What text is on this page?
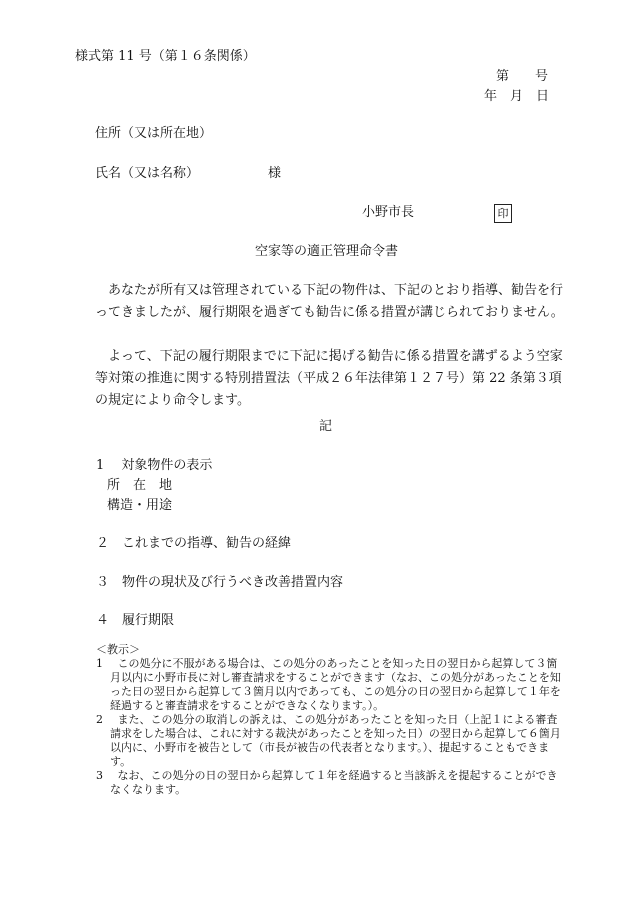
様式第 11 号（第１６条関係）
第　　号
年　月　日
住所（又は所在地）
氏名（又は名称）	様
小野市長	印
空家等の適正管理命令書
　あなたが所有又は管理されている下記の物件は、下記のとおり指導、勧告を行ってきましたが、履行期限を過ぎても勧告に係る措置が講じられておりません。
　よって、下記の履行期限までに下記に掲げる勧告に係る措置を講ずるよう空家等対策の推進に関する特別措置法（平成２６年法律第１２７号）第 22 条第３項の規定により命令します。
記
1　 対象物件の表示
所　在　地
構造・用途
２　これまでの指導、勧告の経緯
３　物件の現状及び行うべき改善措置内容
４　履行期限
＜教示＞
1　 この処分に不服がある場合は、この処分のあったことを知った日の翌日から起算して３箇月以内に小野市長に対し審査請求をすることができます（なお、この処分があったことを知った日の翌日から起算して３箇月以内であっても、この処分の日の翌日から起算して１年を経過すると審査請求をすることができなくなります。）。
2　 また、この処分の取消しの訴えは、この処分があったことを知った日（上記１による審査請求をした場合は、これに対する裁決があったことを知った日）の翌日から起算して６箇月以内に、小野市を被告として（市長が被告の代表者となります。）、提起することもできます。
3　 なお、この処分の日の翌日から起算して１年を経過すると当該訴えを提起することができなくなります。
